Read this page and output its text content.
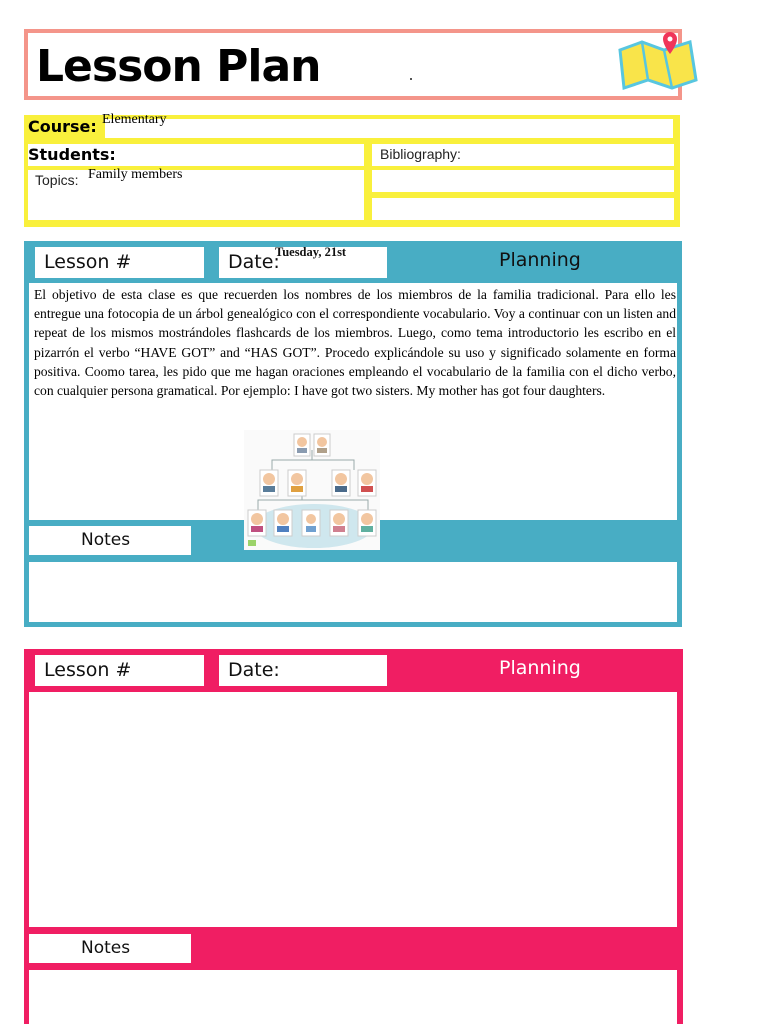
Lesson Plan
Course: Elementary
Students:	Bibliography:
Topics: Family members
Lesson #	Date:
Tuesday, 21st	Planning
El objetivo de esta clase es que recuerden los nombres de los miembros de la familia tradicional. Para ello les entregue una fotocopia de un árbol genealógico con el correspondiente vocabulario. Voy a continuar con un listen and repeat de los mismos mostrándoles flashcards de los miembros. Luego, como tema introductorio les escribo en el pizarrón el verbo “HAVE GOT” and “HAS GOT”. Procedo explicándole su uso y significado solamente en forma positiva. Coomo tarea, les pido que me hagan oraciones empleando el vocabulario de la familia con el dicho verbo, con cualquier persona gramatical. Por ejemplo: I have got two sisters. My mother has got four daughters.
Notes
Lesson #	Date:	Planning
Notes
